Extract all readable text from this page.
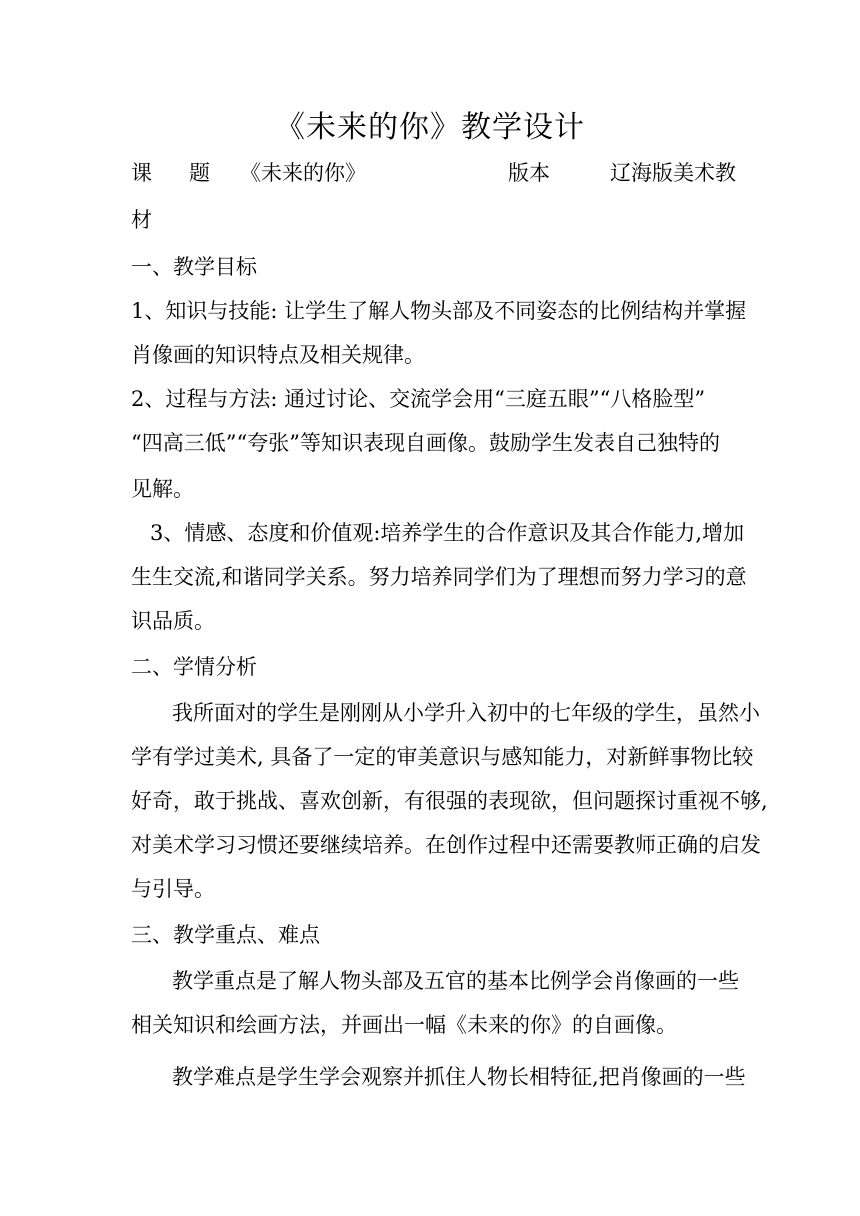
《未来的你》教学设计
课 题 《未来的你》	版本	辽海版美术教
材
一、教学目标
1、知识与技能: 让学生了解人物头部及不同姿态的比例结构并掌握
肖像画的知识特点及相关规律。
2、过程与方法: 通过讨论、交流学会用“三庭五眼”“八格脸型”
“四高三低”“夸张”等知识表现自画像。鼓励学生发表自己独特的
见解。
3、情感、态度和价值观:培养学生的合作意识及其合作能力,增加
生生交流,和谐同学关系。努力培养同学们为了理想而努力学习的意
识品质。
二、学情分析
我所面对的学生是刚刚从小学升入初中的七年级的学生，虽然小
学有学过美术, 具备了一定的审美意识与感知能力，对新鲜事物比较
好奇，敢于挑战、喜欢创新，有很强的表现欲，但问题探讨重视不够,
对美术学习习惯还要继续培养。在创作过程中还需要教师正确的启发
与引导。
三、教学重点、难点
教学重点是了解人物头部及五官的基本比例学会肖像画的一些
相关知识和绘画方法，并画出一幅《未来的你》的自画像。
教学难点是学生学会观察并抓住人物长相特征,把肖像画的一些
